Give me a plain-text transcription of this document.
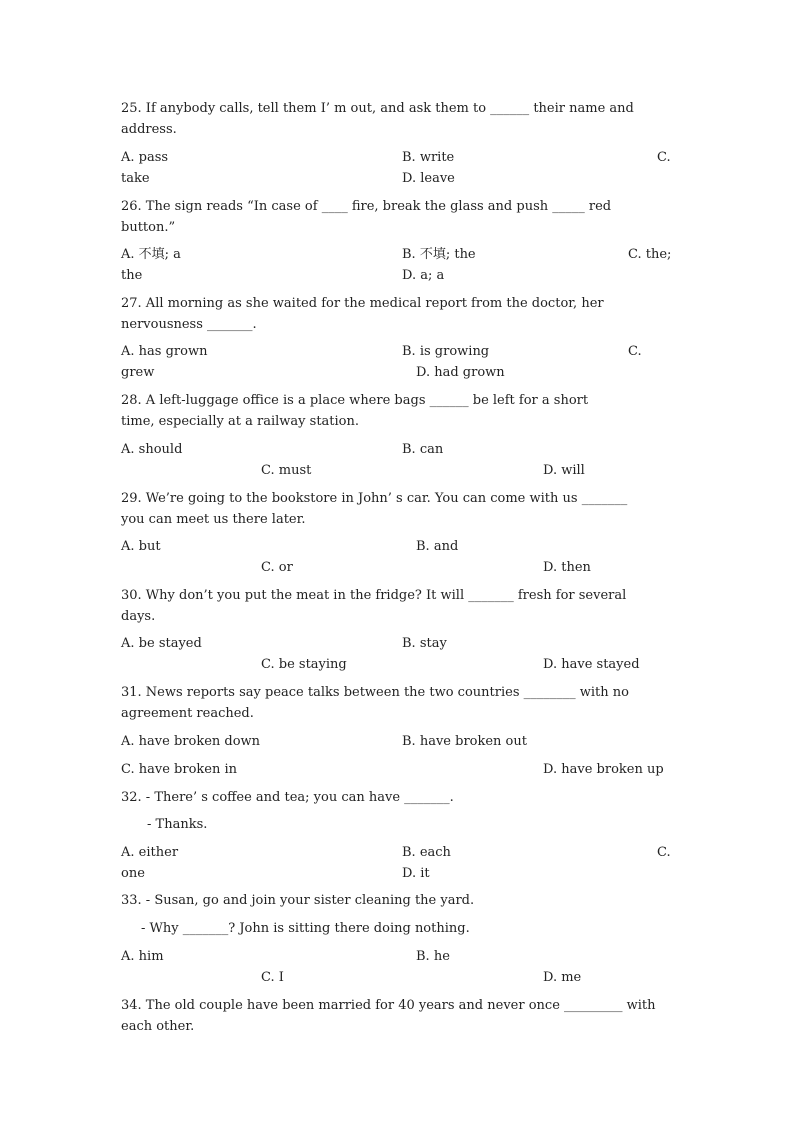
25. If anybody calls, tell them I’ m out, and ask them to ______ their name and
address.
A. pass	B. write	C.
take	D. leave
26. The sign reads “In case of ____ fire, break the glass and push _____ red
button.”
A. 不填; a	B. 不填; the	C. the;
the	D. a; a
27. All morning as she waited for the medical report from the doctor, her
nervousness _______.
A. has grown	B. is growing	C.
grew	D. had grown
28. A left-luggage office is a place where bags ______ be left for a short
time, especially at a railway station.
A. should	B. can
C. must	D. will
29. We’re going to the bookstore in John’ s car. You can come with us _______
you can meet us there later.
A. but	B. and
C. or	D. then
30. Why don’t you put the meat in the fridge? It will _______ fresh for several
days.
A. be stayed	B. stay
C. be staying	D. have stayed
31. News reports say peace talks between the two countries ________ with no
agreement reached.
A. have broken down	B. have broken out
C. have broken in	D. have broken up
32. - There’ s coffee and tea; you can have _______.
- Thanks.
A. either	B. each	C.
one	D. it
33. - Susan, go and join your sister cleaning the yard.
- Why _______? John is sitting there doing nothing.
A. him	B. he
C. I	D. me
34. The old couple have been married for 40 years and never once _________ with
each other.
